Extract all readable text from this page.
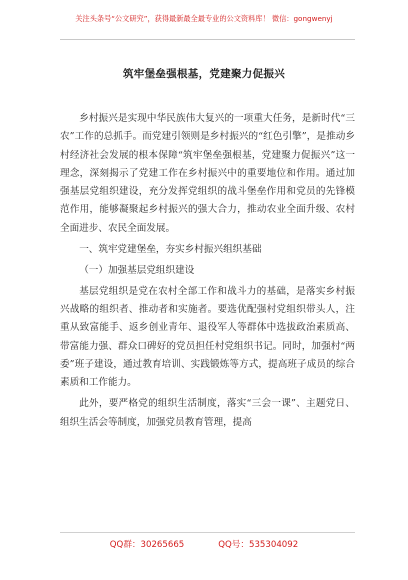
关注头条号“公文研究”，获得最新最全最专业的公文资料库！ 微信：gongwenyj
筑牢堡垒强根基，党建聚力促振兴

乡村振兴是实现中华民族伟大复兴的一项重大任务，是新时代“三农”工作的总抓手。而党建引领则是乡村振兴的“红色引擎”，是推动乡村经济社会发展的根本保障“筑牢堡垒强根基，党建聚力促振兴”这一理念，深刻揭示了党建工作在乡村振兴中的重要地位和作用。通过加强基层党组织建设，充分发挥党组织的战斗堡垒作用和党员的先锋模范作用，能够凝聚起乡村振兴的强大合力，推动农业全面升级、农村全面进步、农民全面发展。

一、筑牢党建堡垒，夯实乡村振兴组织基础

（一）加强基层党组织建设

基层党组织是党在农村全部工作和战斗力的基础，是落实乡村振兴战略的组织者、推动者和实施者。要选优配强村党组织带头人，注重从致富能手、返乡创业青年、退役军人等群体中选拔政治素质高、带富能力强、群众口碑好的党员担任村党组织书记。同时，加强村“两委”班子建设，通过教育培训、实践锻炼等方式，提高班子成员的综合素质和工作能力。

此外，要严格党的组织生活制度，落实“三会一课”、主题党日、组织生活会等制度，加强党员教育管理，提高

QQ群：30265665	QQ号：535304092
